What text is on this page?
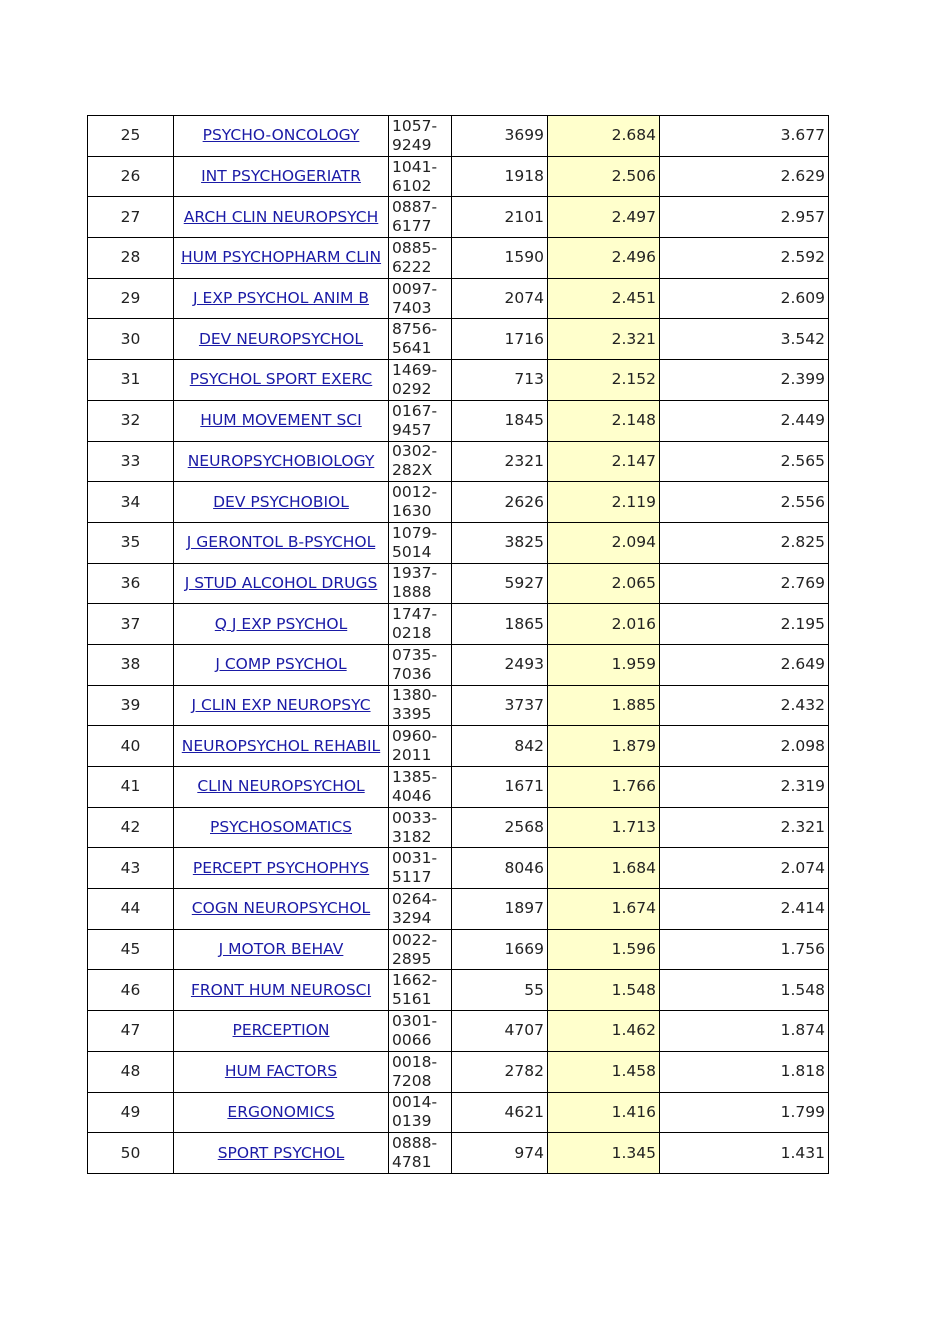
25	PSYCHO-ONCOLOGY	1057-
9249	3699	2.684	3.677
26	INT PSYCHOGERIATR	1041-
6102	1918	2.506	2.629
27	ARCH CLIN NEUROPSYCH	0887-
6177	2101	2.497	2.957
28	HUM PSYCHOPHARM CLIN	0885-
6222	1590	2.496	2.592
29	J EXP PSYCHOL ANIM B	0097-
7403	2074	2.451	2.609
30	DEV NEUROPSYCHOL	8756-
5641	1716	2.321	3.542
31	PSYCHOL SPORT EXERC	1469-
0292	713	2.152	2.399
32	HUM MOVEMENT SCI	0167-
9457	1845	2.148	2.449
33	NEUROPSYCHOBIOLOGY	0302-
282X	2321	2.147	2.565
34	DEV PSYCHOBIOL	0012-
1630	2626	2.119	2.556
35	J GERONTOL B-PSYCHOL	1079-
5014	3825	2.094	2.825
36	J STUD ALCOHOL DRUGS	1937-
1888	5927	2.065	2.769
37	Q J EXP PSYCHOL	1747-
0218	1865	2.016	2.195
38	J COMP PSYCHOL	0735-
7036	2493	1.959	2.649
39	J CLIN EXP NEUROPSYC	1380-
3395	3737	1.885	2.432
40	NEUROPSYCHOL REHABIL	0960-
2011	842	1.879	2.098
41	CLIN NEUROPSYCHOL	1385-
4046	1671	1.766	2.319
42	PSYCHOSOMATICS	0033-
3182	2568	1.713	2.321
43	PERCEPT PSYCHOPHYS	0031-
5117	8046	1.684	2.074
44	COGN NEUROPSYCHOL	0264-
3294	1897	1.674	2.414
45	J MOTOR BEHAV	0022-
2895	1669	1.596	1.756
46	FRONT HUM NEUROSCI	1662-
5161	55	1.548	1.548
47	PERCEPTION	0301-
0066	4707	1.462	1.874
48	HUM FACTORS	0018-
7208	2782	1.458	1.818
49	ERGONOMICS	0014-
0139	4621	1.416	1.799
50	SPORT PSYCHOL	0888-
4781	974	1.345	1.431
